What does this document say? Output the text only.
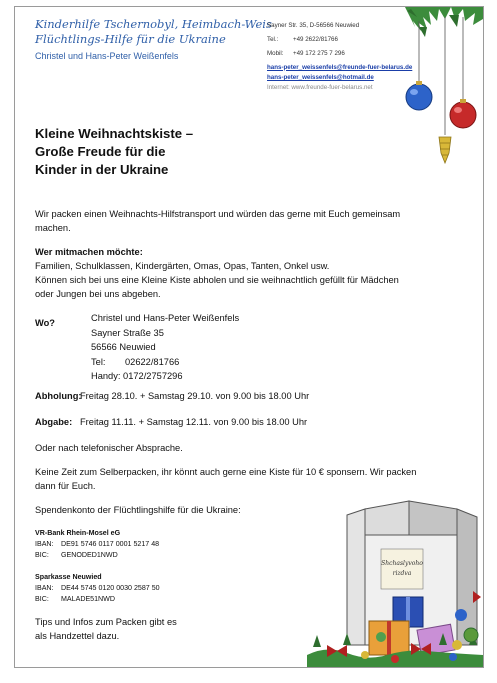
Kinderhilfe Tschernobyl, Heimbach-Weis
Flüchtlings-Hilfe für die Ukraine
Christel und Hans-Peter Weißenfels
Sayner Str. 35, D-56566 Neuwied
Tel.: +49 2622/81766
Mobil: +49 172 275 7 296
hans-peter_weissenfels@freunde-fuer-belarus.de
hans-peter_weissenfels@hotmail.de
Internet: www.freunde-fuer-belarus.net
Kleine Weihnachtskiste –
Große Freude für die
Kinder in der Ukraine
Wir packen einen Weihnachts-Hilfstransport und würden das gerne mit Euch gemeinsam
machen.
Wer mitmachen möchte:
Familien, Schulklassen, Kindergärten, Omas, Opas, Tanten, Onkel usw.
Können sich bei uns eine Kleine Kiste abholen und sie weihnachtlich gefüllt für Mädchen
oder Jungen bei uns abgeben.
Wo?	Christel und Hans-Peter Weißenfels
Sayner Straße 35
56566 Neuwied
Tel: 02622/81766
Handy: 0172/2757296
Abholung:Freitag 28.10. + Samstag 29.10. von 9.00 bis 18.00 Uhr
Abgabe: Freitag 11.11. + Samstag 12.11. von 9.00 bis 18.00 Uhr
Oder nach telefonischer Absprache.
Keine Zeit zum Selberpacken, ihr könnt auch gerne eine Kiste für 10 € sponsern. Wir packen
dann für Euch.
Spendenkonto der Flüchtlingshilfe für die Ukraine:
VR-Bank Rhein-Mosel eG
IBAN: DE91 5746 0117 0001 5217 48
BIC: GENODED1NWD
Sparkasse Neuwied
IBAN: DE44 5745 0120 0030 2587 50
BIC: MALADE51NWD
Tips und Infos zum Packen gibt es
als Handzettel dazu.
Shchaslyvoho
rizdva
